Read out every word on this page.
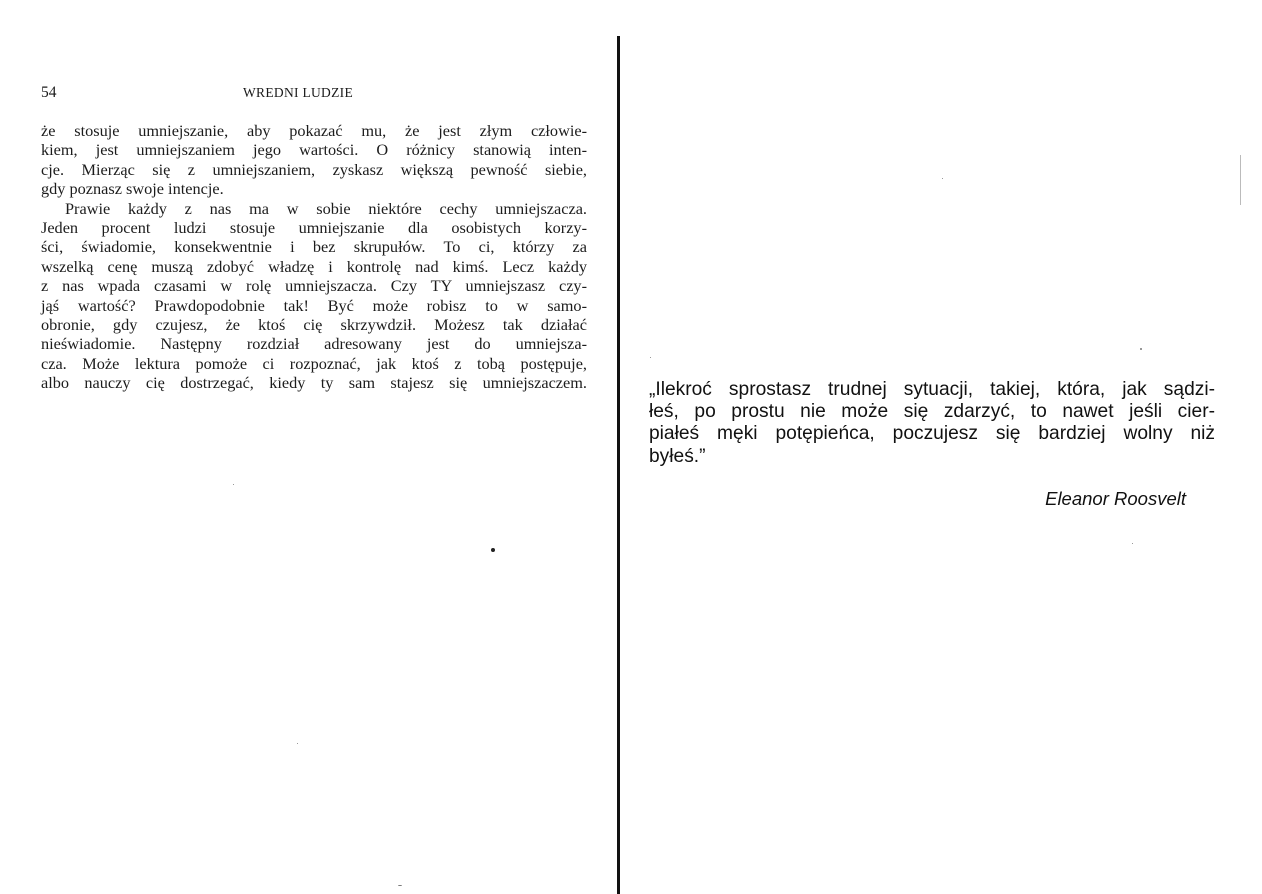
54	WREDNI LUDZIE

że stosuje umniejszanie, aby pokazać mu, że jest złym człowie-
kiem, jest umniejszaniem jego wartości. O różnicy stanowią inten-
cje. Mierząc się z umniejszaniem, zyskasz większą pewność siebie,
gdy poznasz swoje intencje.

Prawie każdy z nas ma w sobie niektóre cechy umniejszacza.
Jeden procent ludzi stosuje umniejszanie dla osobistych korzy-
ści, świadomie, konsekwentnie i bez skrupułów. To ci, którzy za
wszelką cenę muszą zdobyć władzę i kontrolę nad kimś. Lecz każdy
z nas wpada czasami w rolę umniejszacza. Czy TY umniejszasz czy-
jąś wartość? Prawdopodobnie tak! Być może robisz to w samo-
obronie, gdy czujesz, że ktoś cię skrzywdził. Możesz tak działać
nieświadomie. Następny rozdział adresowany jest do umniejsza-
cza. Może lektura pomoże ci rozpoznać, jak ktoś z tobą postępuje,
albo nauczy cię dostrzegać, kiedy ty sam stajesz się umniejszaczem.	„Ilekroć sprostasz trudnej sytuacji, takiej, która, jak sądzi-
łeś, po prostu nie może się zdarzyć, to nawet jeśli cier-
piałeś męki potępieńca, poczujesz się bardziej wolny niż
byłeś.”
Eleanor Roosvelt
